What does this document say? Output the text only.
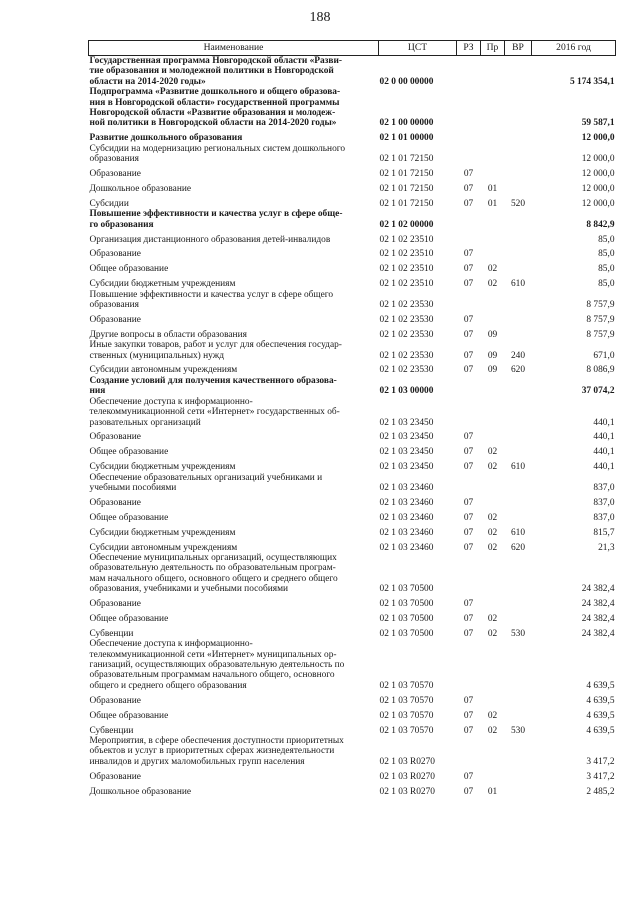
188
Наименование	ЦСТ	РЗ	Пр	ВР	2016 год
Государственная программа Новгородской области «Разви-
тие образования и молодежной политики в Новгородской
области на 2014-2020 годы»	02 0 00 00000				5 174 354,1
Подпрограмма «Развитие дошкольного и общего образова-
ния в Новгородской области» государственной программы
Новгородской области «Развитие образования и молодеж-
ной политики в Новгородской области на 2014-2020 годы»	02 1 00 00000				59 587,1
Развитие дошкольного образования	02 1 01 00000				12 000,0
Субсидии на модернизацию региональных систем дошкольного
образования	02 1 01 72150				12 000,0
Образование	02 1 01 72150	07			12 000,0
Дошкольное образование	02 1 01 72150	07	01		12 000,0
Субсидии	02 1 01 72150	07	01	520	12 000,0
Повышение эффективности и качества услуг в сфере обще-
го образования	02 1 02 00000				8 842,9
Организация дистанционного образования детей-инвалидов	02 1 02 23510				85,0
Образование	02 1 02 23510	07			85,0
Общее образование	02 1 02 23510	07	02		85,0
Субсидии бюджетным учреждениям	02 1 02 23510	07	02	610	85,0
Повышение эффективности и качества услуг в сфере общего
образования	02 1 02 23530				8 757,9
Образование	02 1 02 23530	07			8 757,9
Другие вопросы в области образования	02 1 02 23530	07	09		8 757,9
Иные закупки товаров, работ и услуг для обеспечения государ-
ственных (муниципальных) нужд	02 1 02 23530	07	09	240	671,0
Субсидии автономным учреждениям	02 1 02 23530	07	09	620	8 086,9
Создание условий для получения качественного образова-
ния	02 1 03 00000				37 074,2
Обеспечение доступа к информационно-
телекоммуникационной сети «Интернет» государственных об-
разовательных организаций	02 1 03 23450				440,1
Образование	02 1 03 23450	07			440,1
Общее образование	02 1 03 23450	07	02		440,1
Субсидии бюджетным учреждениям	02 1 03 23450	07	02	610	440,1
Обеспечение образовательных организаций учебниками и
учебными пособиями	02 1 03 23460				837,0
Образование	02 1 03 23460	07			837,0
Общее образование	02 1 03 23460	07	02		837,0
Субсидии бюджетным учреждениям	02 1 03 23460	07	02	610	815,7
Субсидии автономным учреждениям	02 1 03 23460	07	02	620	21,3
Обеспечение муниципальных организаций, осуществляющих
образовательную деятельность по образовательным програм-
мам начального общего, основного общего и среднего общего
образования, учебниками и учебными пособиями	02 1 03 70500				24 382,4
Образование	02 1 03 70500	07			24 382,4
Общее образование	02 1 03 70500	07	02		24 382,4
Субвенции	02 1 03 70500	07	02	530	24 382,4
Обеспечение доступа к информационно-
телекоммуникационной сети «Интернет» муниципальных ор-
ганизаций, осуществляющих образовательную деятельность по
образовательным программам начального общего, основного
общего и среднего общего образования	02 1 03 70570				4 639,5
Образование	02 1 03 70570	07			4 639,5
Общее образование	02 1 03 70570	07	02		4 639,5
Субвенции	02 1 03 70570	07	02	530	4 639,5
Мероприятия, в сфере обеспечения доступности приоритетных
объектов и услуг в приоритетных сферах жизнедеятельности
инвалидов и других маломобильных групп населения	02 1 03 R0270				3 417,2
Образование	02 1 03 R0270	07			3 417,2
Дошкольное образование	02 1 03 R0270	07	01		2 485,2
